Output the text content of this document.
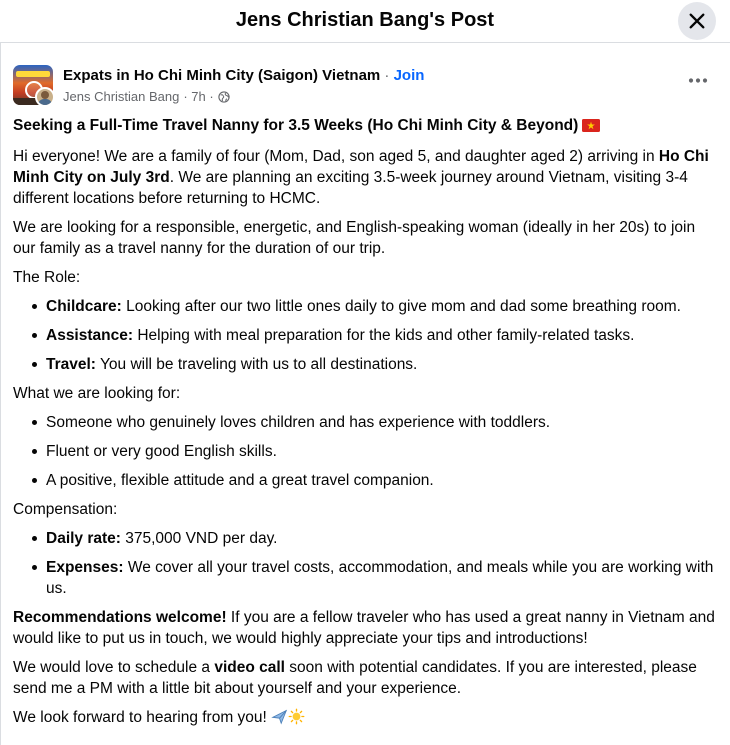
Jens Christian Bang's Post
Expats in Ho Chi Minh City (Saigon) Vietnam · Join
Jens Christian Bang · 7h ·

Seeking a Full-Time Travel Nanny for 3.5 Weeks (Ho Chi Minh City & Beyond)

Hi everyone! We are a family of four (Mom, Dad, son aged 5, and daughter aged 2) arriving in Ho Chi Minh City on July 3rd. We are planning an exciting 3.5-week journey around Vietnam, visiting 3-4 different locations before returning to HCMC.

We are looking for a responsible, energetic, and English-speaking woman (ideally in her 20s) to join our family as a travel nanny for the duration of our trip.

The Role:

Childcare: Looking after our two little ones daily to give mom and dad some breathing room.
Assistance: Helping with meal preparation for the kids and other family-related tasks.
Travel: You will be traveling with us to all destinations.

What we are looking for:

Someone who genuinely loves children and has experience with toddlers.
Fluent or very good English skills.
A positive, flexible attitude and a great travel companion.

Compensation:

Daily rate: 375,000 VND per day.
Expenses: We cover all your travel costs, accommodation, and meals while you are working with us.

Recommendations welcome! If you are a fellow traveler who has used a great nanny in Vietnam and would like to put us in touch, we would highly appreciate your tips and introductions!

We would love to schedule a video call soon with potential candidates. If you are interested, please send me a PM with a little bit about yourself and your experience.

We look forward to hearing from you!
